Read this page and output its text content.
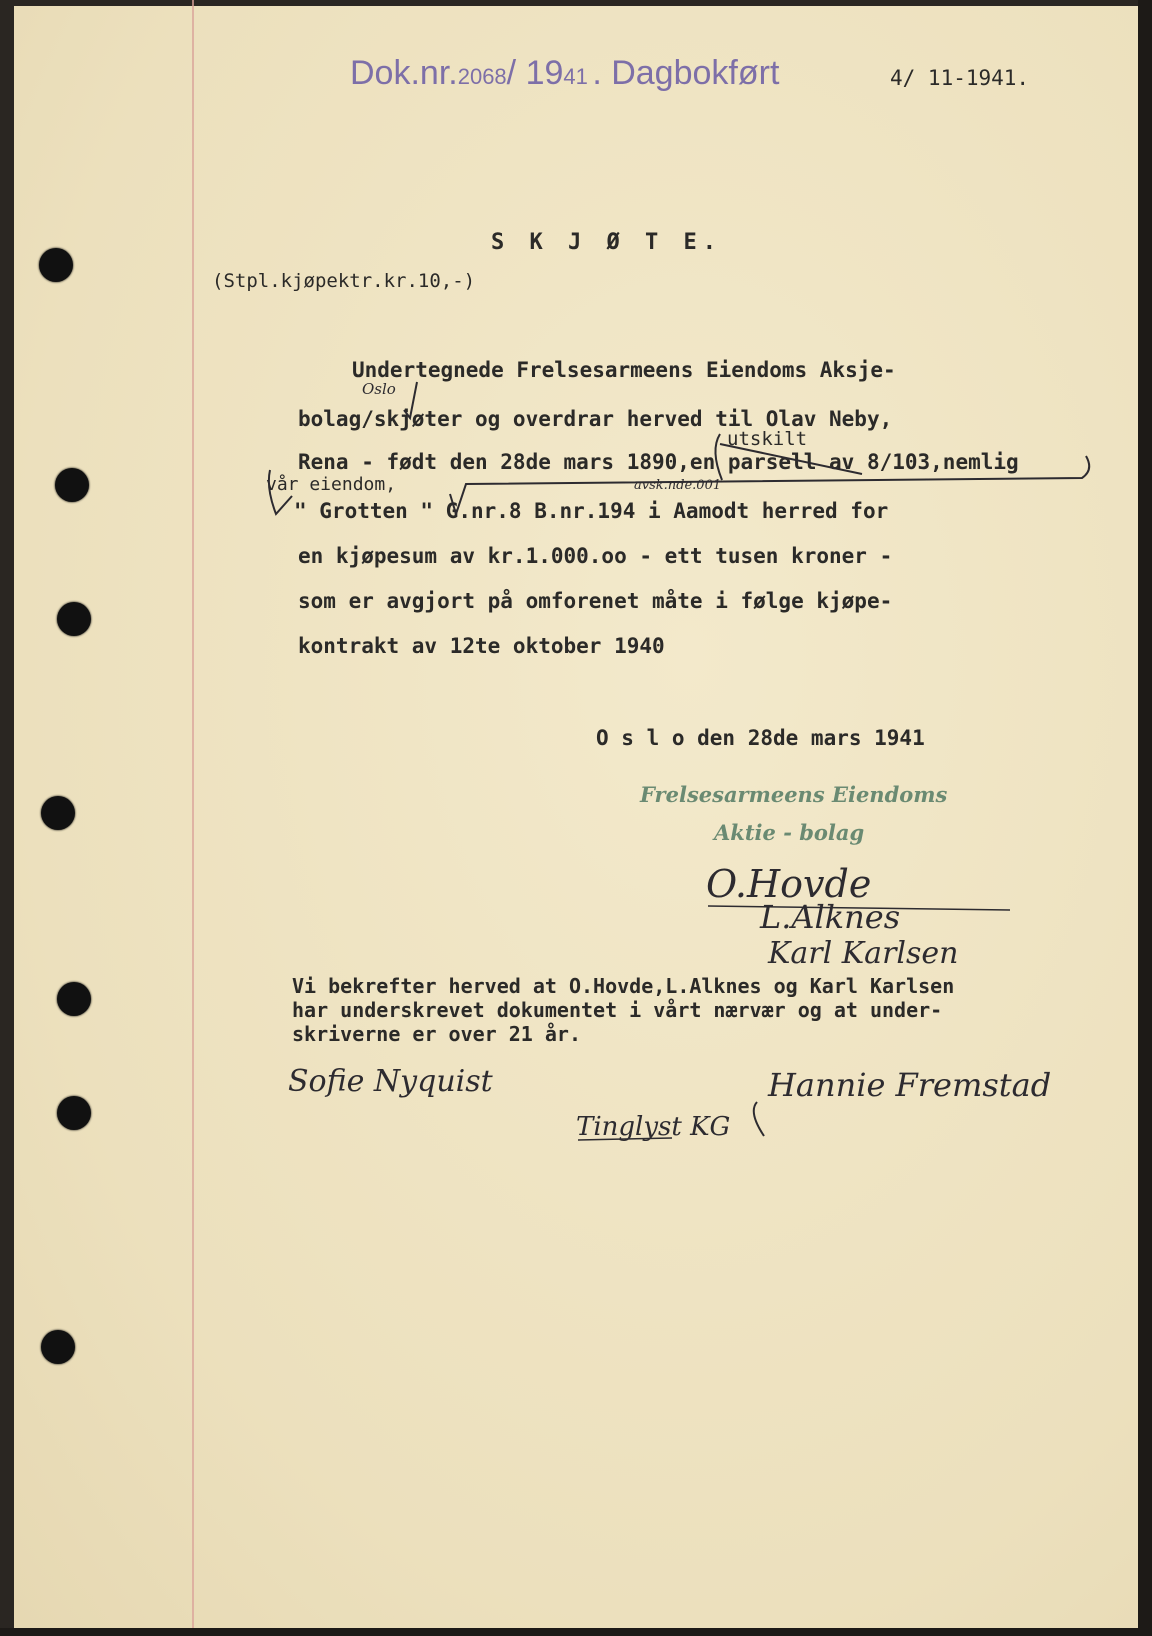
Dok.nr.2068/ 1941 . Dagbokført	4/ 11-1941.
S K J Ø T E.
(Stpl.kjøpektr.kr.10,-)
Undertegnede Frelsesarmeens Eiendoms Aksje-
bolag/skjøter og overdrar herved til Olav Neby,
Rena - født den 28de mars 1890,en parsell av 8/103,nemlig
" Grotten " G.nr.8 B.nr.194 i Aamodt herred for
en kjøpesum av kr.1.000.oo - ett tusen kroner -
som er avgjort på omforenet måte i følge kjøpe-
kontrakt av 12te oktober 1940
Oslo
utskilt
vår eiendom,	avsk.nde.001
O s l o den 28de mars 1941
Frelsesarmeens Eiendoms
Aktie - bolag
O.Hovde
L.Alknes
Karl Karlsen
Vi bekrefter herved at O.Hovde,L.Alknes og Karl Karlsen
har underskrevet dokumentet i vårt nærvær og at under-
skriverne er over 21 år.
Sofie Nyquist	Hannie Fremstad
Tinglyst KG
